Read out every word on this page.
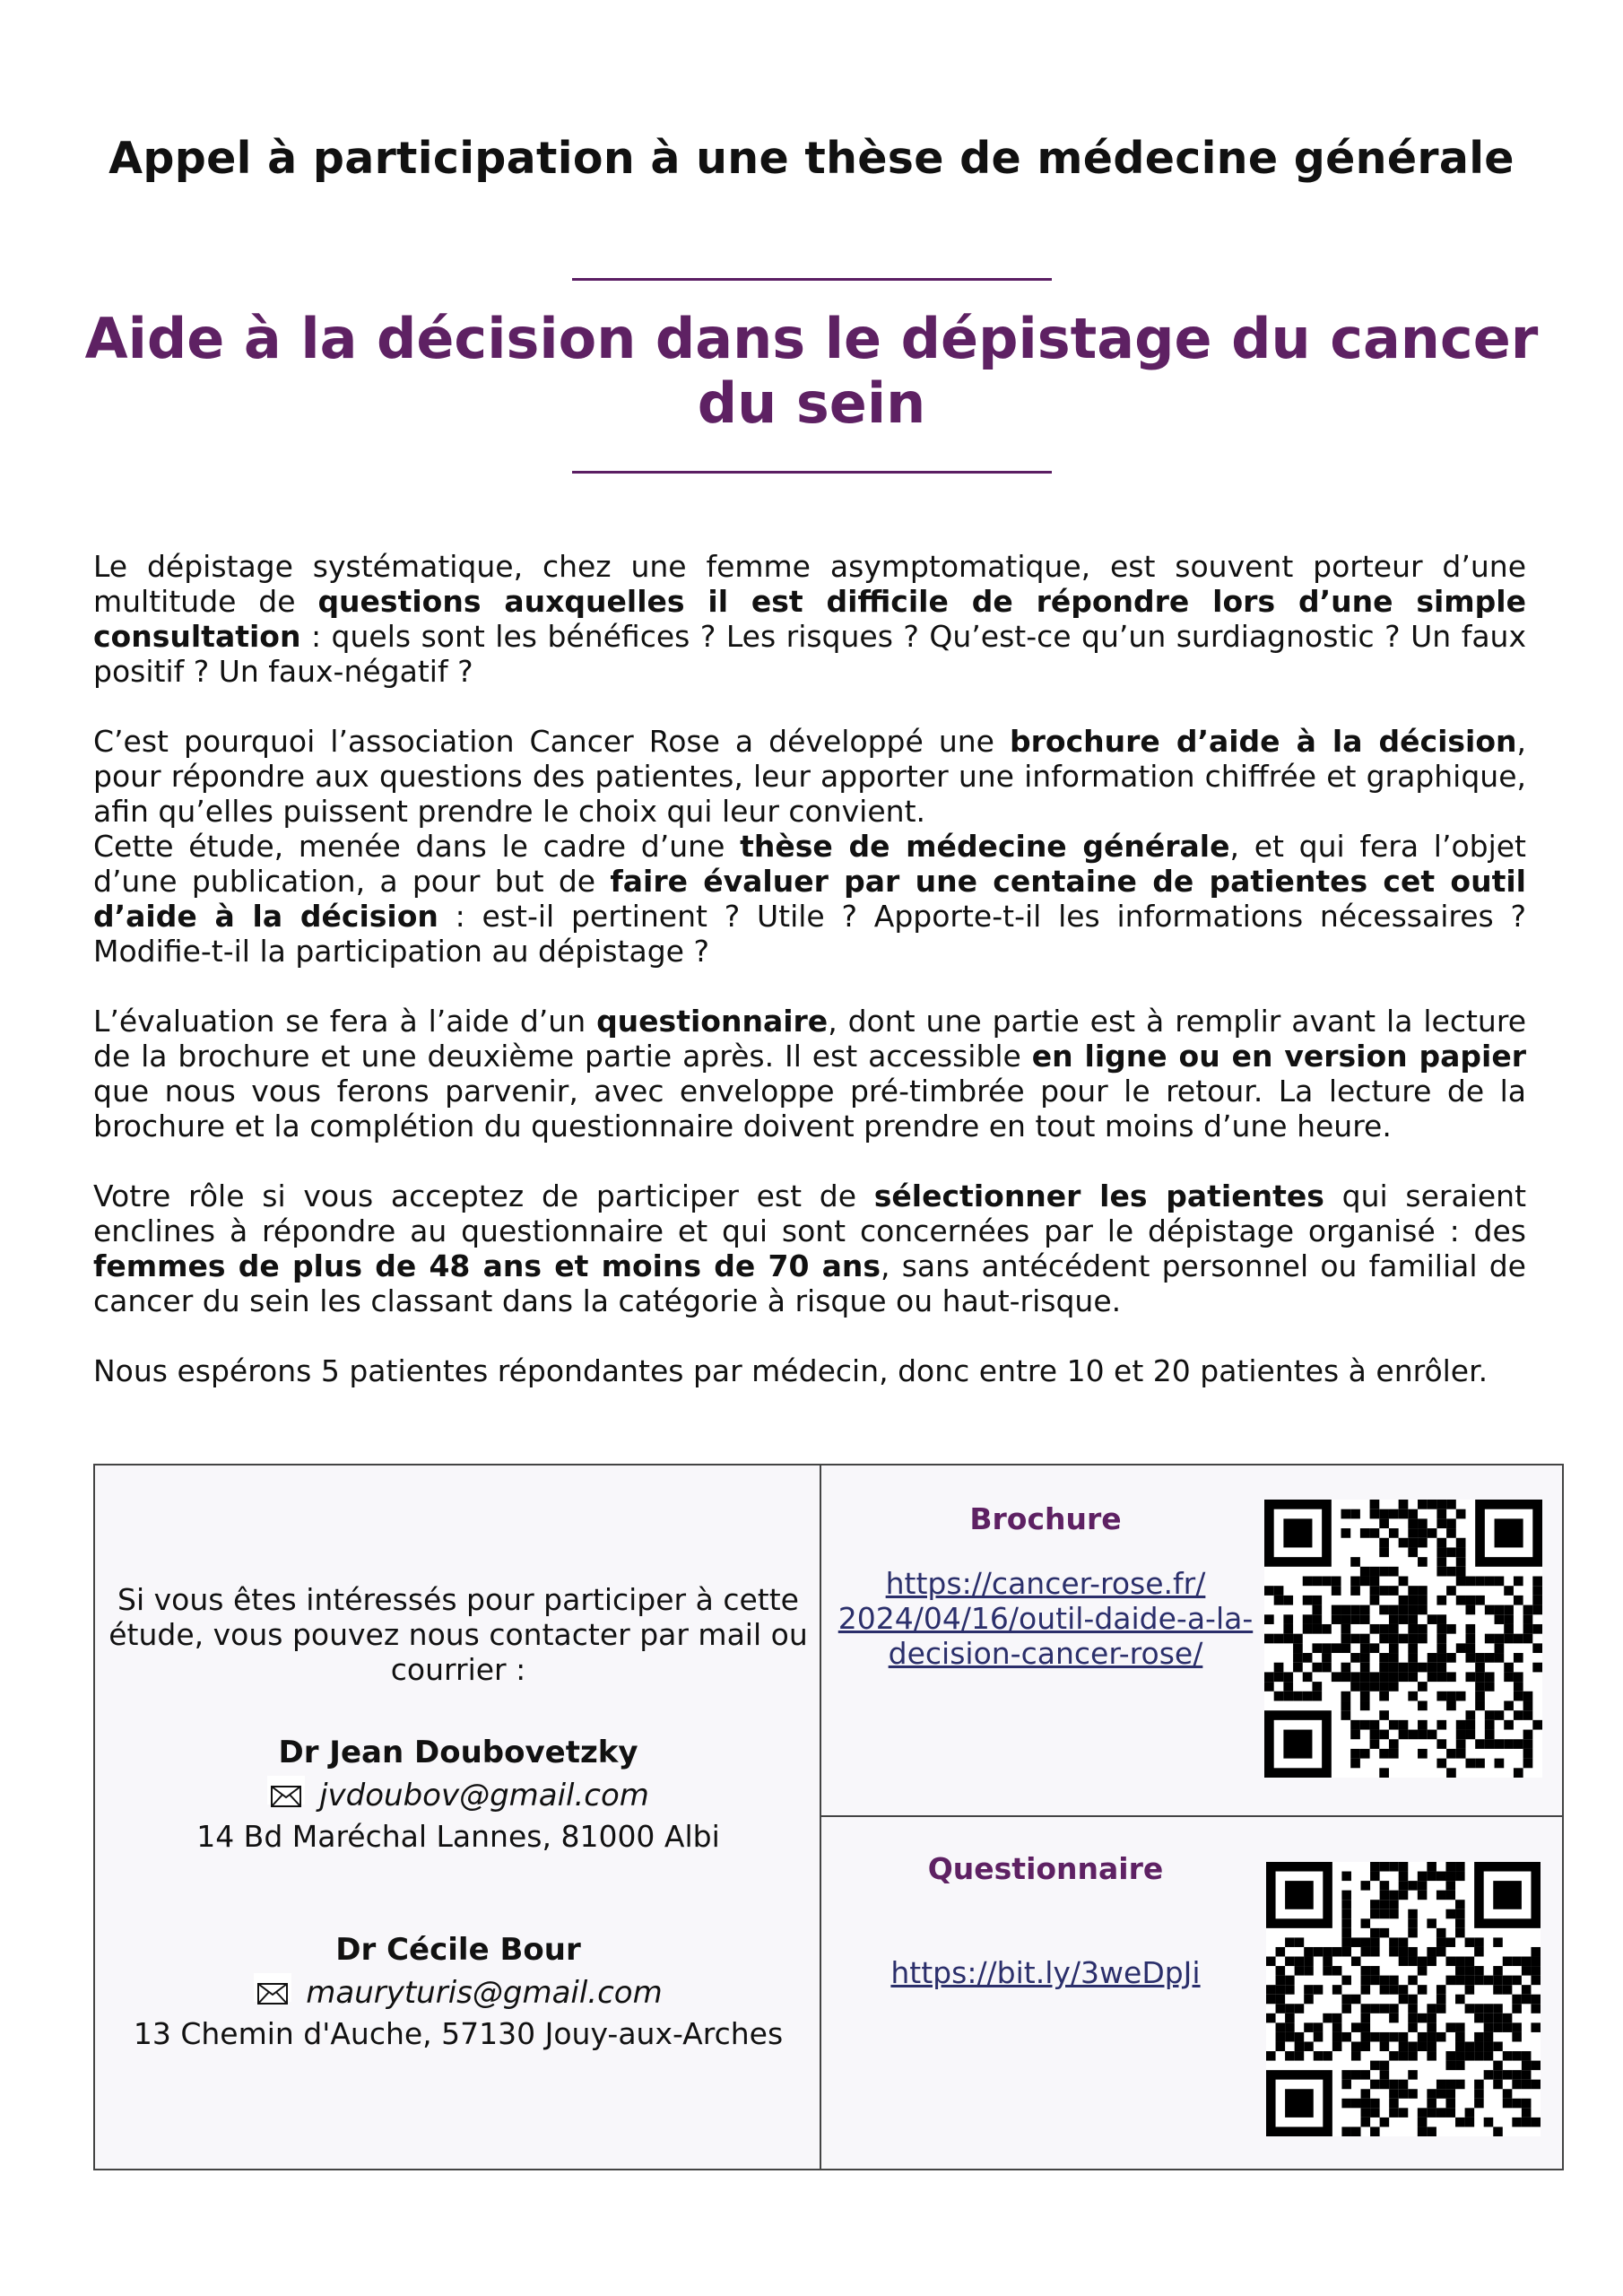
Appel à participation à une thèse de médecine générale
Aide à la décision dans le dépistage du cancer du sein

Le dépistage systématique, chez une femme asymptomatique, est souvent porteur d’une multitude de questions auxquelles il est difficile de répondre lors d’une simple consultation : quels sont les bénéfices ? Les risques ? Qu’est-ce qu’un surdiagnostic ? Un faux positif ? Un faux-négatif ?

C’est pourquoi l’association Cancer Rose a développé une brochure d’aide à la décision, pour répondre aux questions des patientes, leur apporter une information chiffrée et graphique, afin qu’elles puissent prendre le choix qui leur convient.

Cette étude, menée dans le cadre d’une thèse de médecine générale, et qui fera l’objet d’une publication, a pour but de faire évaluer par une centaine de patientes cet outil d’aide à la décision : est-il pertinent ? Utile ? Apporte-t-il les informations nécessaires ? Modifie-t-il la participation au dépistage ?

L’évaluation se fera à l’aide d’un questionnaire, dont une partie est à remplir avant la lecture de la brochure et une deuxième partie après. Il est accessible en ligne ou en version papier que nous vous ferons parvenir, avec enveloppe pré-timbrée pour le retour. La lecture de la brochure et la complétion du questionnaire doivent prendre en tout moins d’une heure.

Votre rôle si vous acceptez de participer est de sélectionner les patientes qui seraient enclines à répondre au questionnaire et qui sont concernées par le dépistage organisé : des femmes de plus de 48 ans et moins de 70 ans, sans antécédent personnel ou familial de cancer du sein les classant dans la catégorie à risque ou haut-risque.

Nous espérons 5 patientes répondantes par médecin, donc entre 10 et 20 patientes à enrôler.

Si vous êtes intéressés pour participer à cette étude, vous pouvez nous contacter par mail ou courrier :
Dr Jean Doubovetzky
jvdoubov@gmail.com
14 Bd Maréchal Lannes, 81000 Albi
Dr Cécile Bour
mauryturis@gmail.com
13 Chemin d'Auche, 57130 Jouy-aux-Arches
Brochure
https://cancer-rose.fr/
2024/04/16/outil-daide-a-la-
decision-cancer-rose/
Questionnaire
https://bit.ly/3weDpJi
